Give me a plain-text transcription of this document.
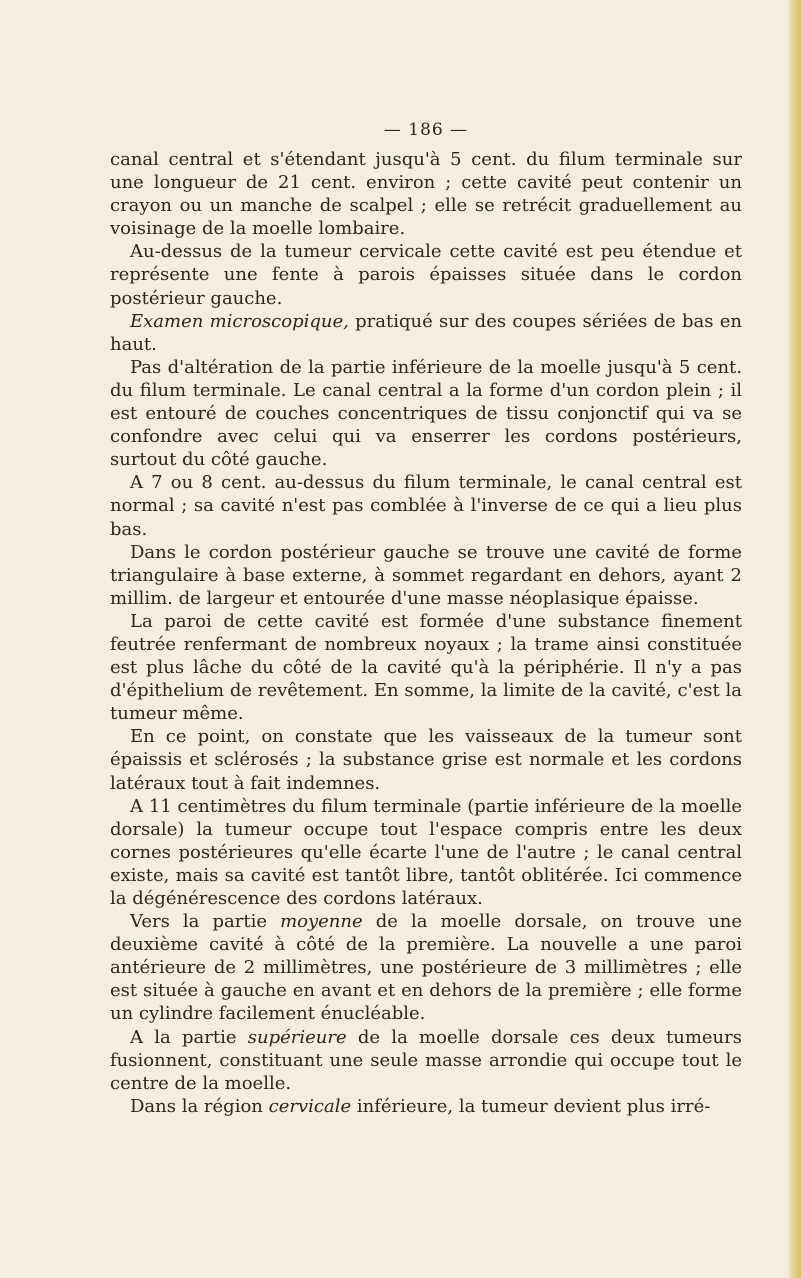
— 186 —

canal central et s'étendant jusqu'à 5 cent. du filum terminale sur une longueur de 21 cent. environ ; cette cavité peut contenir un crayon ou un manche de scalpel ; elle se retrécit graduellement au voisinage de la moelle lombaire.

Au-dessus de la tumeur cervicale cette cavité est peu étendue et représente une fente à parois épaisses située dans le cordon postérieur gauche.

Examen microscopique, pratiqué sur des coupes sériées de bas en haut.

Pas d'altération de la partie inférieure de la moelle jusqu'à 5 cent. du filum terminale. Le canal central a la forme d'un cordon plein ; il est entouré de couches concentriques de tissu conjonctif qui va se confondre avec celui qui va enserrer les cordons postérieurs, surtout du côté gauche.

A 7 ou 8 cent. au-dessus du filum terminale, le canal central est normal ; sa cavité n'est pas comblée à l'inverse de ce qui a lieu plus bas.

Dans le cordon postérieur gauche se trouve une cavité de forme triangulaire à base externe, à sommet regardant en dehors, ayant 2 millim. de largeur et entourée d'une masse néoplasique épaisse.

La paroi de cette cavité est formée d'une substance finement feutrée renfermant de nombreux noyaux ; la trame ainsi constituée est plus lâche du côté de la cavité qu'à la périphérie. Il n'y a pas d'épithelium de revêtement. En somme, la limite de la cavité, c'est la tumeur même.

En ce point, on constate que les vaisseaux de la tumeur sont épaissis et sclérosés ; la substance grise est normale et les cordons latéraux tout à fait indemnes.

A 11 centimètres du filum terminale (partie inférieure de la moelle dorsale) la tumeur occupe tout l'espace compris entre les deux cornes postérieures qu'elle écarte l'une de l'autre ; le canal central existe, mais sa cavité est tantôt libre, tantôt oblitérée. Ici commence la dégénérescence des cordons latéraux.

Vers la partie moyenne de la moelle dorsale, on trouve une deuxième cavité à côté de la première. La nouvelle a une paroi antérieure de 2 millimètres, une postérieure de 3 millimètres ; elle est située à gauche en avant et en dehors de la première ; elle forme un cylindre facilement énucléable.

A la partie supérieure de la moelle dorsale ces deux tumeurs fusionnent, constituant une seule masse arrondie qui occupe tout le centre de la moelle.

Dans la région cervicale inférieure, la tumeur devient plus irré-
